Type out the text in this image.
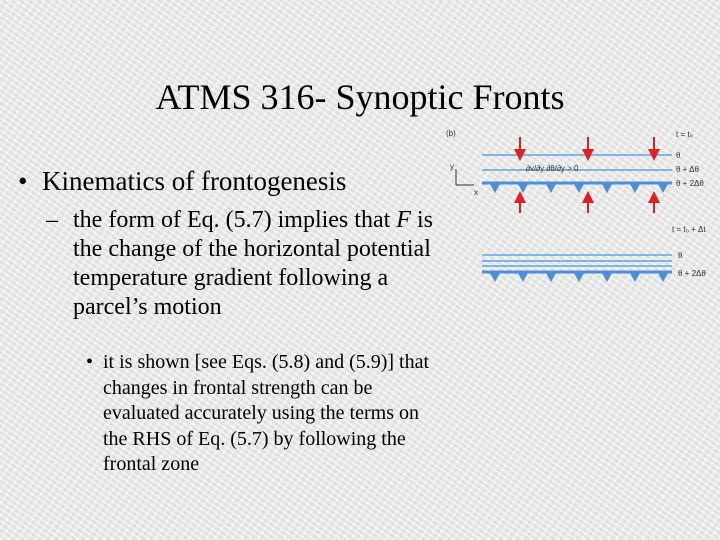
ATMS 316- Synoptic Fronts
• Kinematics of frontogenesis
– the form of Eq. (5.7) implies that F is the change of the horizontal potential temperature gradient following a parcel’s motion
• it is shown [see Eqs. (5.8) and (5.9)] that changes in frontal strength can be evaluated accurately using the terms on the RHS of Eq. (5.7) by following the frontal zone
(b)	t = t₀
y
x
θ
θ + Δθ
θ + 2Δθ
∂v/∂y ∂θ/∂y > 0
t = t₀ + Δt
θ
θ + 2Δθ
